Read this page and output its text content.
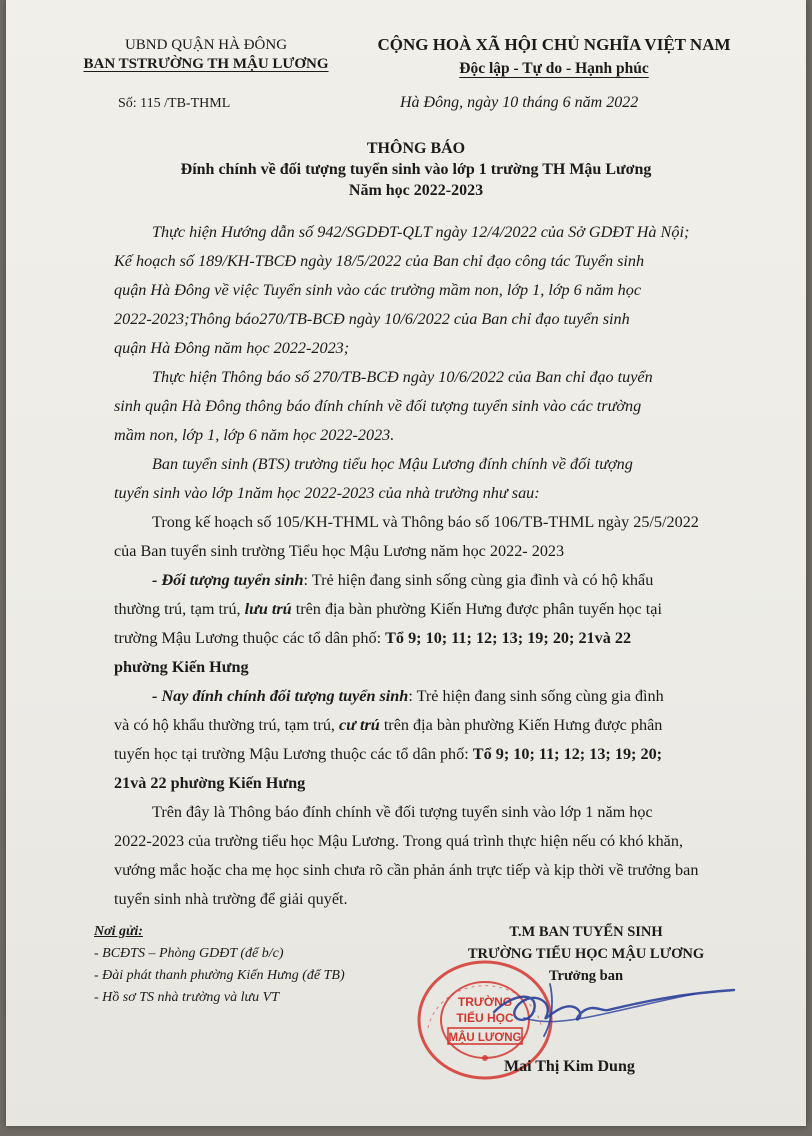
UBND QUẬN HÀ ĐÔNG
BAN TSTRƯỜNG TH MẬU LƯƠNG
CỘNG HOÀ XÃ HỘI CHỦ NGHĨA VIỆT NAM
Độc lập - Tự do - Hạnh phúc
Số: 115 /TB-THML	Hà Đông, ngày 10 tháng 6 năm 2022
THÔNG BÁO
Đính chính về đối tượng tuyển sinh vào lớp 1 trường TH Mậu Lương
Năm học 2022-2023
Thực hiện Hướng dẫn số 942/SGDĐT-QLT ngày 12/4/2022 của Sở GDĐT Hà Nội;
Kế hoạch số 189/KH-TBCĐ ngày 18/5/2022 của Ban chỉ đạo công tác Tuyển sinh
quận Hà Đông về việc Tuyển sinh vào các trường mầm non, lớp 1, lớp 6 năm học
2022-2023;Thông báo270/TB-BCĐ ngày 10/6/2022 của Ban chỉ đạo tuyển sinh
quận Hà Đông năm học 2022-2023;
Thực hiện Thông báo số 270/TB-BCĐ ngày 10/6/2022 của Ban chỉ đạo tuyển
sinh quận Hà Đông thông báo đính chính về đối tượng tuyển sinh vào các trường
mầm non, lớp 1, lớp 6 năm học 2022-2023.
Ban tuyển sinh (BTS) trường tiểu học Mậu Lương đính chính về đối tượng
tuyển sinh vào lớp 1năm học 2022-2023 của nhà trường như sau:
Trong kế hoạch số 105/KH-THML và Thông báo số 106/TB-THML ngày 25/5/2022
của Ban tuyển sinh trường Tiểu học Mậu Lương năm học 2022- 2023
- Đối tượng tuyển sinh: Trẻ hiện đang sinh sống cùng gia đình và có hộ khẩu
thường trú, tạm trú, lưu trú trên địa bàn phường Kiến Hưng được phân tuyến học tại
trường Mậu Lương thuộc các tổ dân phố: Tổ 9; 10; 11; 12; 13; 19; 20; 21và 22
phường Kiến Hưng
- Nay đính chính đối tượng tuyển sinh: Trẻ hiện đang sinh sống cùng gia đình
và có hộ khẩu thường trú, tạm trú, cư trú trên địa bàn phường Kiến Hưng được phân
tuyến học tại trường Mậu Lương thuộc các tổ dân phố: Tổ 9; 10; 11; 12; 13; 19; 20;
21và 22 phường Kiến Hưng
Trên đây là Thông báo đính chính về đối tượng tuyển sinh vào lớp 1 năm học
2022-2023 của trường tiểu học Mậu Lương. Trong quá trình thực hiện nếu có khó khăn,
vướng mắc hoặc cha mẹ học sinh chưa rõ cần phản ánh trực tiếp và kịp thời về trưởng ban
tuyển sinh nhà trường để giải quyết.
Nơi gửi:
- BCĐTS – Phòng GDĐT (để b/c)
- Đài phát thanh phường Kiến Hưng (để TB)
- Hồ sơ TS nhà trường và lưu VT
T.M BAN TUYỂN SINH
TRƯỜNG TIỂU HỌC MẬU LƯƠNG
Trưởng ban
TRƯỜNG
TIỂU HỌC
MẬU LƯƠNG
Mai Thị Kim Dung
